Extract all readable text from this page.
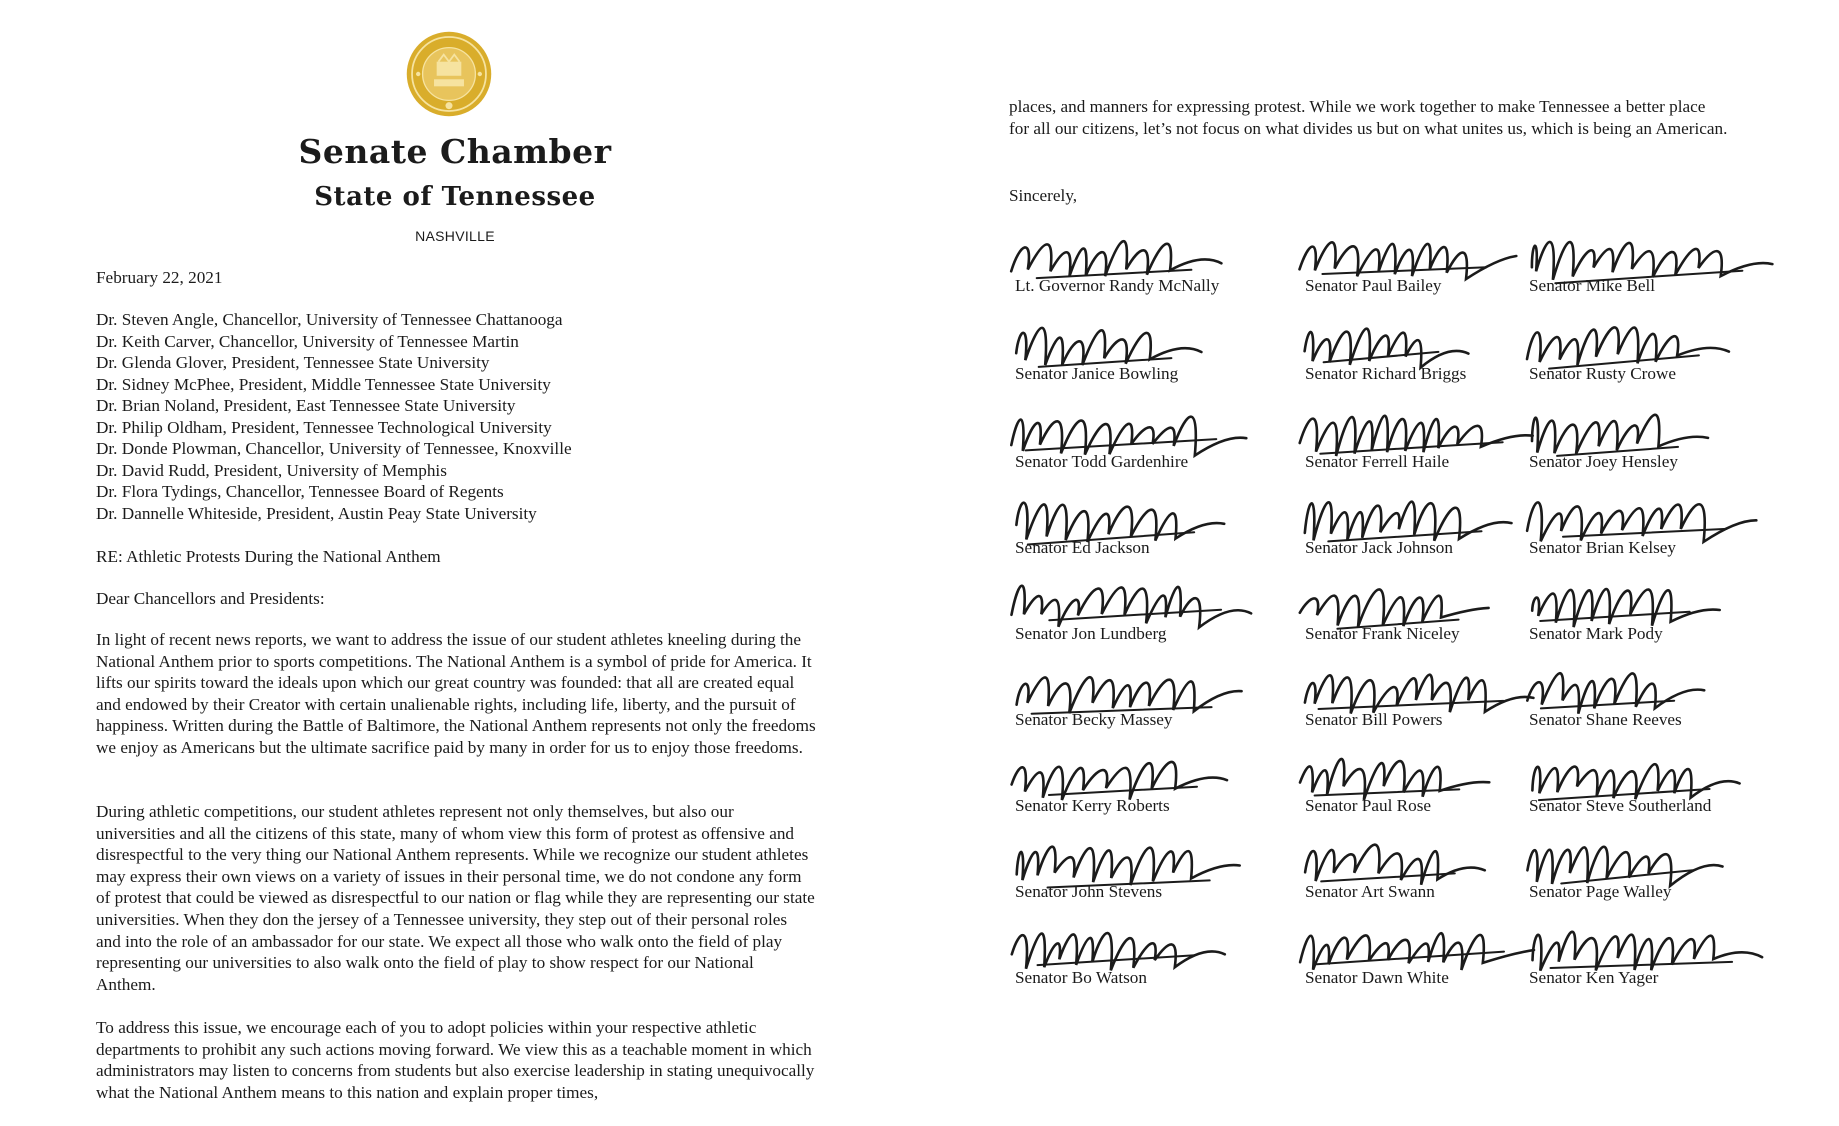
Senate Chamber
State of Tennessee
NASHVILLE
February 22, 2021
Dr. Steven Angle, Chancellor, University of Tennessee Chattanooga
Dr. Keith Carver, Chancellor, University of Tennessee Martin
Dr. Glenda Glover, President, Tennessee State University
Dr. Sidney McPhee, President, Middle Tennessee State University
Dr. Brian Noland, President, East Tennessee State University
Dr. Philip Oldham, President, Tennessee Technological University
Dr. Donde Plowman, Chancellor, University of Tennessee, Knoxville
Dr. David Rudd, President, University of Memphis
Dr. Flora Tydings, Chancellor, Tennessee Board of Regents
Dr. Dannelle Whiteside, President, Austin Peay State University
RE: Athletic Protests During the National Anthem
Dear Chancellors and Presidents:

In light of recent news reports, we want to address the issue of our student athletes kneeling during the National Anthem prior to sports competitions. The National Anthem is a symbol of pride for America. It lifts our spirits toward the ideals upon which our great country was founded: that all are created equal and endowed by their Creator with certain unalienable rights, including life, liberty, and the pursuit of happiness. Written during the Battle of Baltimore, the National Anthem represents not only the freedoms we enjoy as Americans but the ultimate sacrifice paid by many in order for us to enjoy those freedoms.

During athletic competitions, our student athletes represent not only themselves, but also our universities and all the citizens of this state, many of whom view this form of protest as offensive and disrespectful to the very thing our National Anthem represents. While we recognize our student athletes may express their own views on a variety of issues in their personal time, we do not condone any form of protest that could be viewed as disrespectful to our nation or flag while they are representing our state universities. When they don the jersey of a Tennessee university, they step out of their personal roles and into the role of an ambassador for our state. We expect all those who walk onto the field of play representing our universities to also walk onto the field of play to show respect for our National Anthem.

To address this issue, we encourage each of you to adopt policies within your respective athletic departments to prohibit any such actions moving forward. We view this as a teachable moment in which administrators may listen to concerns from students but also exercise leadership in stating unequivocally what the National Anthem means to this nation and explain proper times,

places, and manners for expressing protest. While we work together to make Tennessee a better place for all our citizens, let’s not focus on what divides us but on what unites us, which is being an American.

Sincerely,
Lt. Governor Randy McNally	Senator Paul Bailey	Senator Mike Bell
Senator Janice Bowling	Senator Richard Briggs	Senator Rusty Crowe
Senator Todd Gardenhire	Senator Ferrell Haile	Senator Joey Hensley
Senator Ed Jackson	Senator Jack Johnson	Senator Brian Kelsey
Senator Jon Lundberg	Senator Frank Niceley	Senator Mark Pody
Senator Becky Massey	Senator Bill Powers	Senator Shane Reeves
Senator Kerry Roberts	Senator Paul Rose	Senator Steve Southerland
Senator John Stevens	Senator Art Swann	Senator Page Walley
Senator Bo Watson	Senator Dawn White	Senator Ken Yager
